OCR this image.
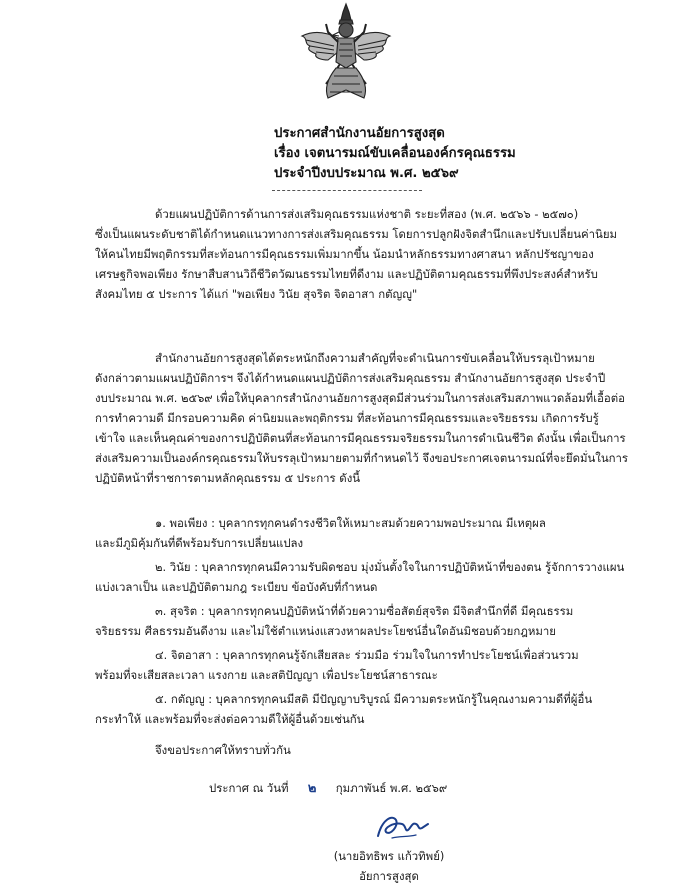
ประกาศสำนักงานอัยการสูงสุด
เรื่อง เจตนารมณ์ขับเคลื่อนองค์กรคุณธรรม
ประจำปีงบประมาณ พ.ศ. ๒๕๖๙
ด้วยแผนปฏิบัติการด้านการส่งเสริมคุณธรรมแห่งชาติ ระยะที่สอง (พ.ศ. ๒๕๖๖ - ๒๕๗๐)
ซึ่งเป็นแผนระดับชาติได้กำหนดแนวทางการส่งเสริมคุณธรรม โดยการปลูกฝังจิตสำนึกและปรับเปลี่ยนค่านิยม
ให้คนไทยมีพฤติกรรมที่สะท้อนการมีคุณธรรมเพิ่มมากขึ้น น้อมนำหลักธรรมทางศาสนา หลักปรัชญาของ
เศรษฐกิจพอเพียง รักษาสืบสานวิถีชีวิตวัฒนธรรมไทยที่ดีงาม และปฏิบัติตามคุณธรรมที่พึงประสงค์สำหรับ
สังคมไทย ๕ ประการ ได้แก่ "พอเพียง วินัย สุจริต จิตอาสา กตัญญู"
สำนักงานอัยการสูงสุดได้ตระหนักถึงความสำคัญที่จะดำเนินการขับเคลื่อนให้บรรลุเป้าหมาย
ดังกล่าวตามแผนปฏิบัติการฯ จึงได้กำหนดแผนปฏิบัติการส่งเสริมคุณธรรม สำนักงานอัยการสูงสุด ประจำปี
งบประมาณ พ.ศ. ๒๕๖๙ เพื่อให้บุคลากรสำนักงานอัยการสูงสุดมีส่วนร่วมในการส่งเสริมสภาพแวดล้อมที่เอื้อต่อ
การทำความดี มีกรอบความคิด ค่านิยมและพฤติกรรม ที่สะท้อนการมีคุณธรรมและจริยธรรม เกิดการรับรู้
เข้าใจ และเห็นคุณค่าของการปฏิบัติตนที่สะท้อนการมีคุณธรรมจริยธรรมในการดำเนินชีวิต ดังนั้น เพื่อเป็นการ
ส่งเสริมความเป็นองค์กรคุณธรรมให้บรรลุเป้าหมายตามที่กำหนดไว้ จึงขอประกาศเจตนารมณ์ที่จะยึดมั่นในการ
ปฏิบัติหน้าที่ราชการตามหลักคุณธรรม ๕ ประการ ดังนี้
๑. พอเพียง : บุคลากรทุกคนดำรงชีวิตให้เหมาะสมด้วยความพอประมาณ มีเหตุผล
และมีภูมิคุ้มกันที่ดีพร้อมรับการเปลี่ยนแปลง
๒. วินัย : บุคลากรทุกคนมีความรับผิดชอบ มุ่งมั่นตั้งใจในการปฏิบัติหน้าที่ของตน รู้จักการวางแผน
แบ่งเวลาเป็น และปฏิบัติตามกฎ ระเบียบ ข้อบังคับที่กำหนด
๓. สุจริต : บุคลากรทุกคนปฏิบัติหน้าที่ด้วยความซื่อสัตย์สุจริต มีจิตสำนึกที่ดี มีคุณธรรม
จริยธรรม ศีลธรรมอันดีงาม และไม่ใช้ตำแหน่งแสวงหาผลประโยชน์อื่นใดอันมิชอบด้วยกฎหมาย
๔. จิตอาสา : บุคลากรทุกคนรู้จักเสียสละ ร่วมมือ ร่วมใจในการทำประโยชน์เพื่อส่วนรวม
พร้อมที่จะเสียสละเวลา แรงกาย และสติปัญญา เพื่อประโยชน์สาธารณะ
๕. กตัญญู : บุคลากรทุกคนมีสติ มีปัญญาบริบูรณ์ มีความตระหนักรู้ในคุณงามความดีที่ผู้อื่น
กระทำให้ และพร้อมที่จะส่งต่อความดีให้ผู้อื่นด้วยเช่นกัน
จึงขอประกาศให้ทราบทั่วกัน
ประกาศ ณ วันที่ ๒ กุมภาพันธ์ พ.ศ. ๒๕๖๙
(นายอิทธิพร แก้วทิพย์)
อัยการสูงสุด
